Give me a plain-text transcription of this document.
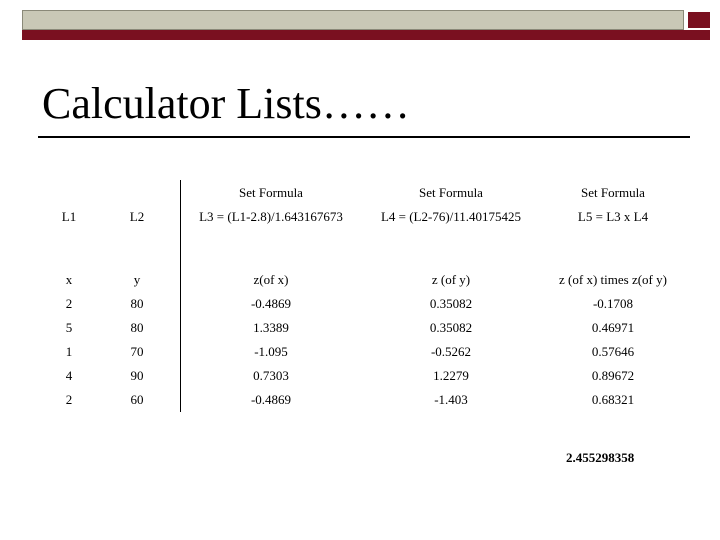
Calculator Lists……
		Set Formula	Set Formula	Set Formula
L1	L2	L3 = (L1-2.8)/1.643167673	L4 = (L2-76)/11.40175425	L5 = L3 x L4

x	y	z(of x)	z (of y)	z (of x) times z(of y)
2	80	-0.4869	0.35082	-0.1708
5	80	1.3389	0.35082	0.46971
1	70	-1.095	-0.5262	0.57646
4	90	0.7303	1.2279	0.89672
2	60	-0.4869	-1.403	0.68321
2.455298358
